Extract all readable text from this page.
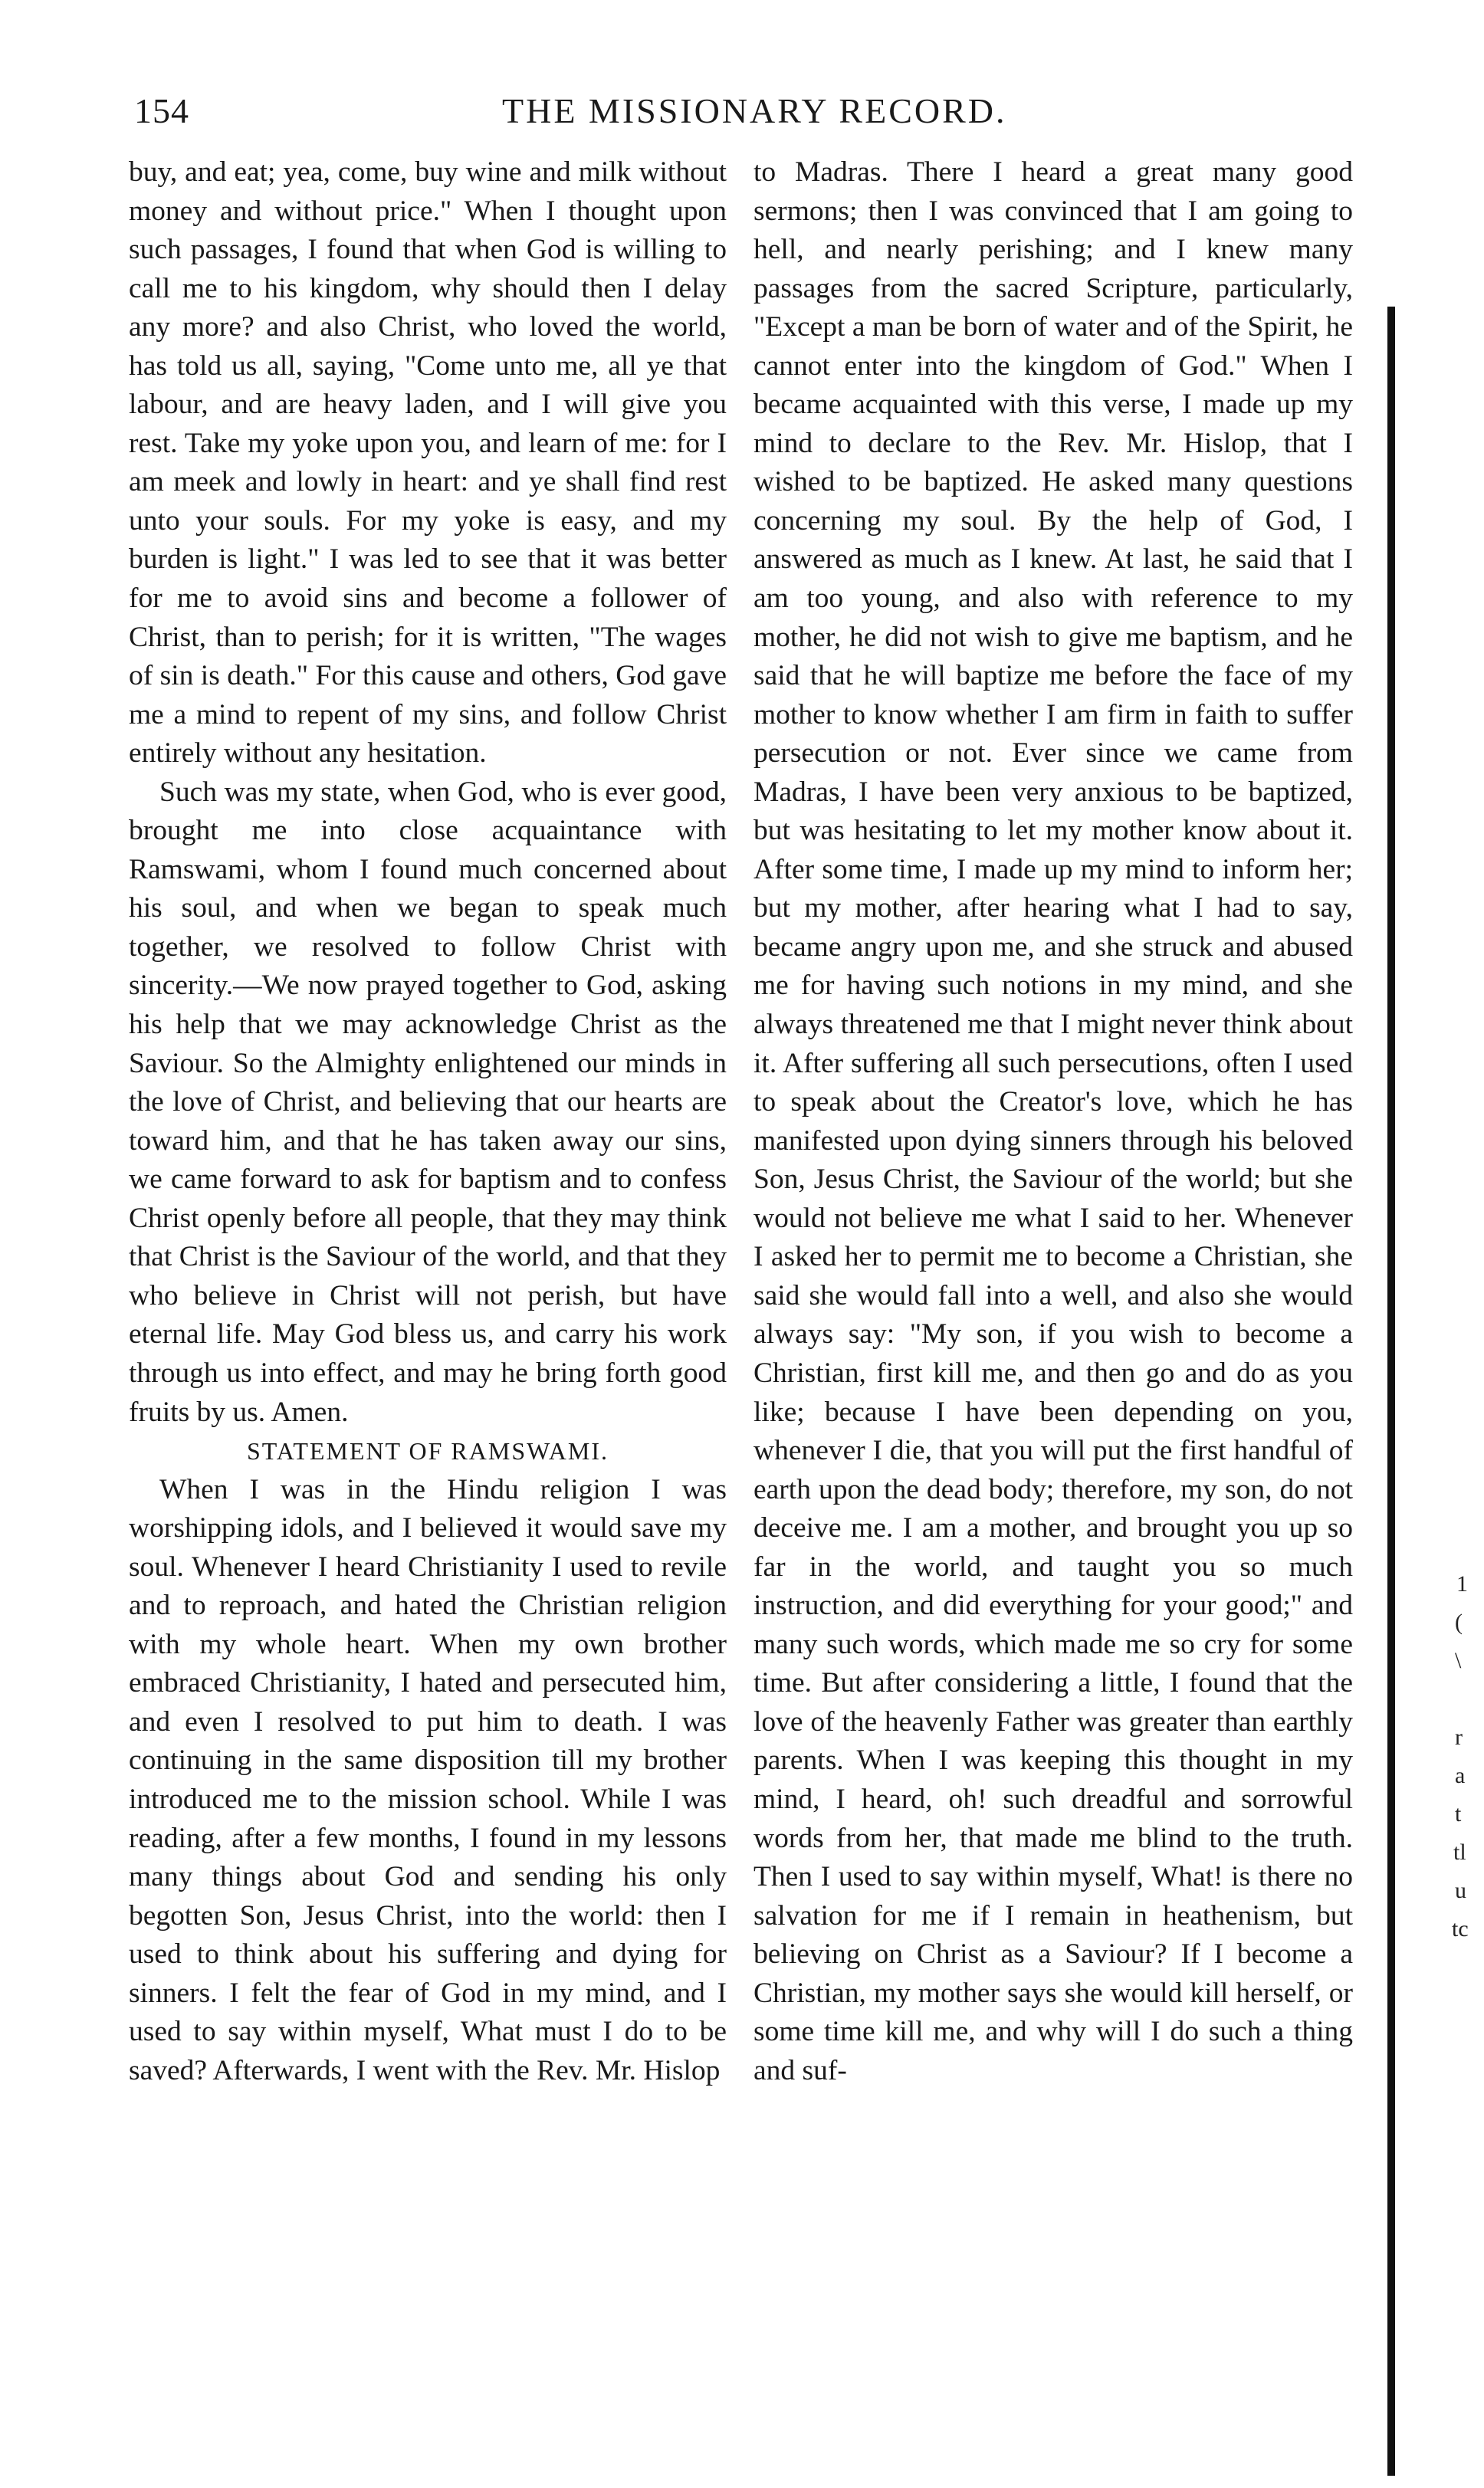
154	THE MISSIONARY RECORD.

buy, and eat; yea, come, buy wine and milk without money and without price." When I thought upon such passages, I found that when God is willing to call me to his kingdom, why should then I delay any more? and also Christ, who loved the world, has told us all, saying, "Come unto me, all ye that labour, and are heavy laden, and I will give you rest. Take my yoke upon you, and learn of me: for I am meek and lowly in heart: and ye shall find rest unto your souls. For my yoke is easy, and my burden is light." I was led to see that it was better for me to avoid sins and become a follower of Christ, than to perish; for it is written, "The wages of sin is death." For this cause and others, God gave me a mind to repent of my sins, and follow Christ entirely without any hesitation.

Such was my state, when God, who is ever good, brought me into close acquaintance with Ramswami, whom I found much concerned about his soul, and when we began to speak much together, we resolved to follow Christ with sincerity.—We now prayed together to God, asking his help that we may acknowledge Christ as the Saviour. So the Almighty enlightened our minds in the love of Christ, and believing that our hearts are toward him, and that he has taken away our sins, we came forward to ask for baptism and to confess Christ openly before all people, that they may think that Christ is the Saviour of the world, and that they who believe in Christ will not perish, but have eternal life. May God bless us, and carry his work through us into effect, and may he bring forth good fruits by us. Amen.

STATEMENT OF RAMSWAMI.

When I was in the Hindu religion I was worshipping idols, and I believed it would save my soul. Whenever I heard Christianity I used to revile and to reproach, and hated the Christian religion with my whole heart. When my own brother embraced Christianity, I hated and persecuted him, and even I resolved to put him to death. I was continuing in the same disposition till my brother introduced me to the mission school. While I was reading, after a few months, I found in my lessons many things about God and sending his only begotten Son, Jesus Christ, into the world: then I used to think about his suffering and dying for sinners. I felt the fear of God in my mind, and I used to say within myself, What must I do to be saved? Afterwards, I went with the Rev. Mr. Hislop

to Madras. There I heard a great many good sermons; then I was convinced that I am going to hell, and nearly perishing; and I knew many passages from the sacred Scripture, particularly, "Except a man be born of water and of the Spirit, he cannot enter into the kingdom of God." When I became acquainted with this verse, I made up my mind to declare to the Rev. Mr. Hislop, that I wished to be baptized. He asked many questions concerning my soul. By the help of God, I answered as much as I knew. At last, he said that I am too young, and also with reference to my mother, he did not wish to give me baptism, and he said that he will baptize me before the face of my mother to know whether I am firm in faith to suffer persecution or not. Ever since we came from Madras, I have been very anxious to be baptized, but was hesitating to let my mother know about it. After some time, I made up my mind to inform her; but my mother, after hearing what I had to say, became angry upon me, and she struck and abused me for having such notions in my mind, and she always threatened me that I might never think about it. After suffering all such persecutions, often I used to speak about the Creator's love, which he has manifested upon dying sinners through his beloved Son, Jesus Christ, the Saviour of the world; but she would not believe me what I said to her. Whenever I asked her to permit me to become a Christian, she said she would fall into a well, and also she would always say: "My son, if you wish to become a Christian, first kill me, and then go and do as you like; because I have been depending on you, whenever I die, that you will put the first handful of earth upon the dead body; therefore, my son, do not deceive me. I am a mother, and brought you up so far in the world, and taught you so much instruction, and did everything for your good;" and many such words, which made me so cry for some time. But after considering a little, I found that the love of the heavenly Father was greater than earthly parents. When I was keeping this thought in my mind, I heard, oh! such dreadful and sorrowful words from her, that made me blind to the truth. Then I used to say within myself, What! is there no salvation for me if I remain in heathenism, but believing on Christ as a Saviour? If I become a Christian, my mother says she would kill herself, or some time kill me, and why will I do such a thing and suf-

1
(
\
r
a
t
tl
u
tc
